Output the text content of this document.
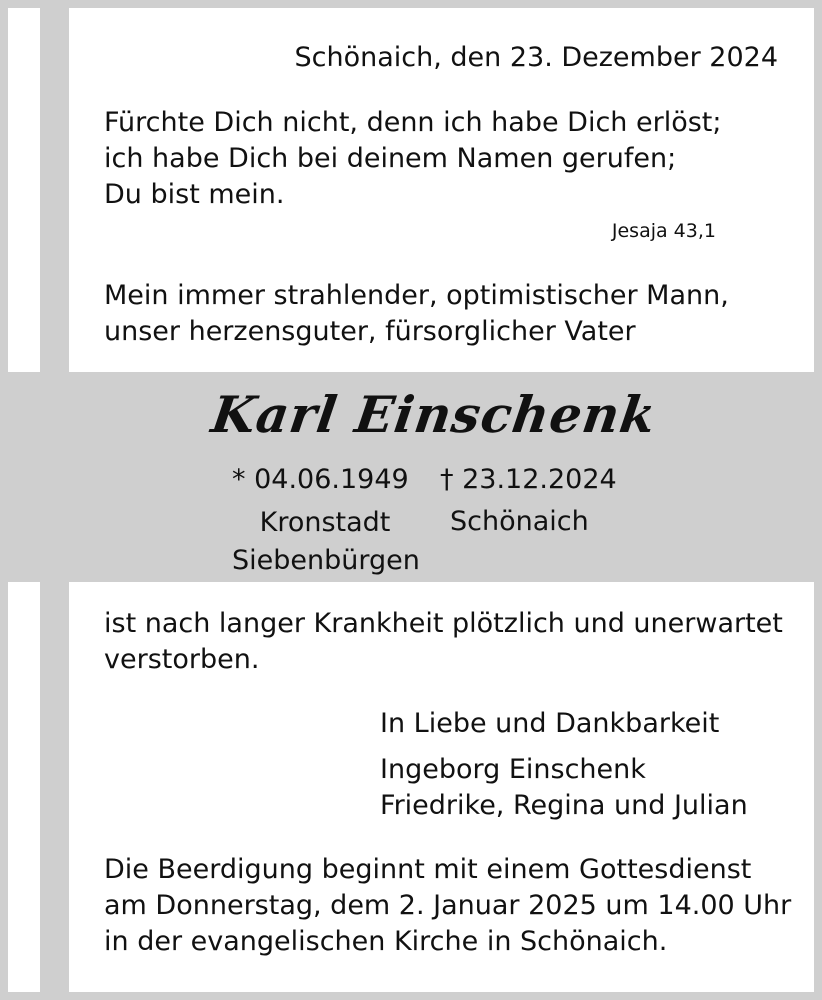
Schönaich, den 23. Dezember 2024
Fürchte Dich nicht, denn ich habe Dich erlöst;
ich habe Dich bei deinem Namen gerufen;
Du bist mein.
Jesaja 43,1
Mein immer strahlender, optimistischer Mann,
unser herzensguter, fürsorglicher Vater
Karl Einschenk
* 04.06.1949 † 23.12.2024
Kronstadt Siebenbürgen
Schönaich
ist nach langer Krankheit plötzlich und unerwartet
verstorben.
In Liebe und Dankbarkeit
Ingeborg Einschenk
Friedrike, Regina und Julian
Die Beerdigung beginnt mit einem Gottesdienst
am Donnerstag, dem 2. Januar 2025 um 14.00 Uhr
in der evangelischen Kirche in Schönaich.
